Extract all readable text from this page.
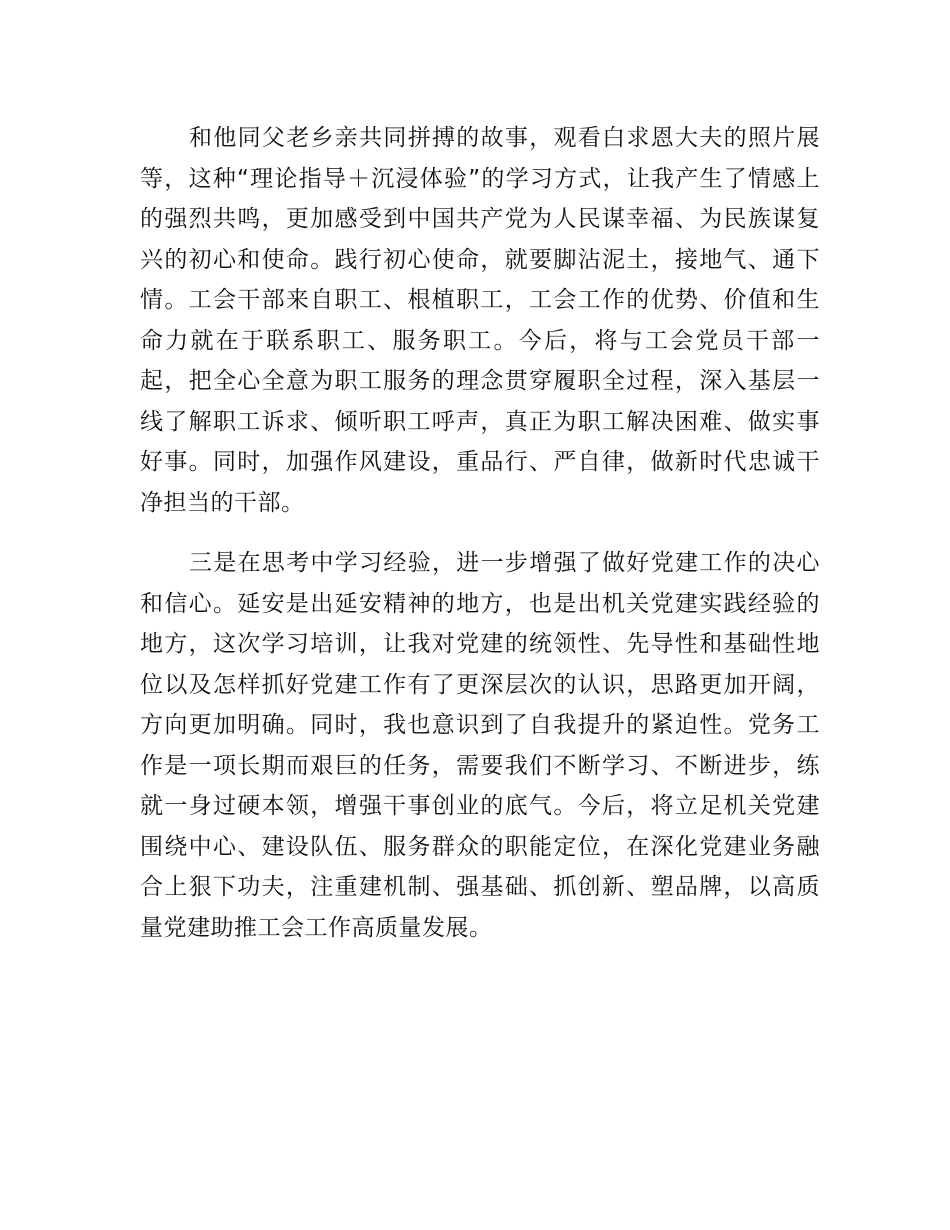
和他同父老乡亲共同拼搏的故事，观看白求恩大夫的照片展等，这种“理论指导＋沉浸体验”的学习方式，让我产生了情感上的强烈共鸣，更加感受到中国共产党为人民谋幸福、为民族谋复兴的初心和使命。践行初心使命，就要脚沾泥土，接地气、通下情。工会干部来自职工、根植职工，工会工作的优势、价值和生命力就在于联系职工、服务职工。今后，将与工会党员干部一起，把全心全意为职工服务的理念贯穿履职全过程，深入基层一线了解职工诉求、倾听职工呼声，真正为职工解决困难、做实事好事。同时，加强作风建设，重品行、严自律，做新时代忠诚干净担当的干部。

三是在思考中学习经验，进一步增强了做好党建工作的决心和信心。延安是出延安精神的地方，也是出机关党建实践经验的地方，这次学习培训，让我对党建的统领性、先导性和基础性地位以及怎样抓好党建工作有了更深层次的认识，思路更加开阔，方向更加明确。同时，我也意识到了自我提升的紧迫性。党务工作是一项长期而艰巨的任务，需要我们不断学习、不断进步，练就一身过硬本领，增强干事创业的底气。今后，将立足机关党建围绕中心、建设队伍、服务群众的职能定位，在深化党建业务融合上狠下功夫，注重建机制、强基础、抓创新、塑品牌，以高质量党建助推工会工作高质量发展。
